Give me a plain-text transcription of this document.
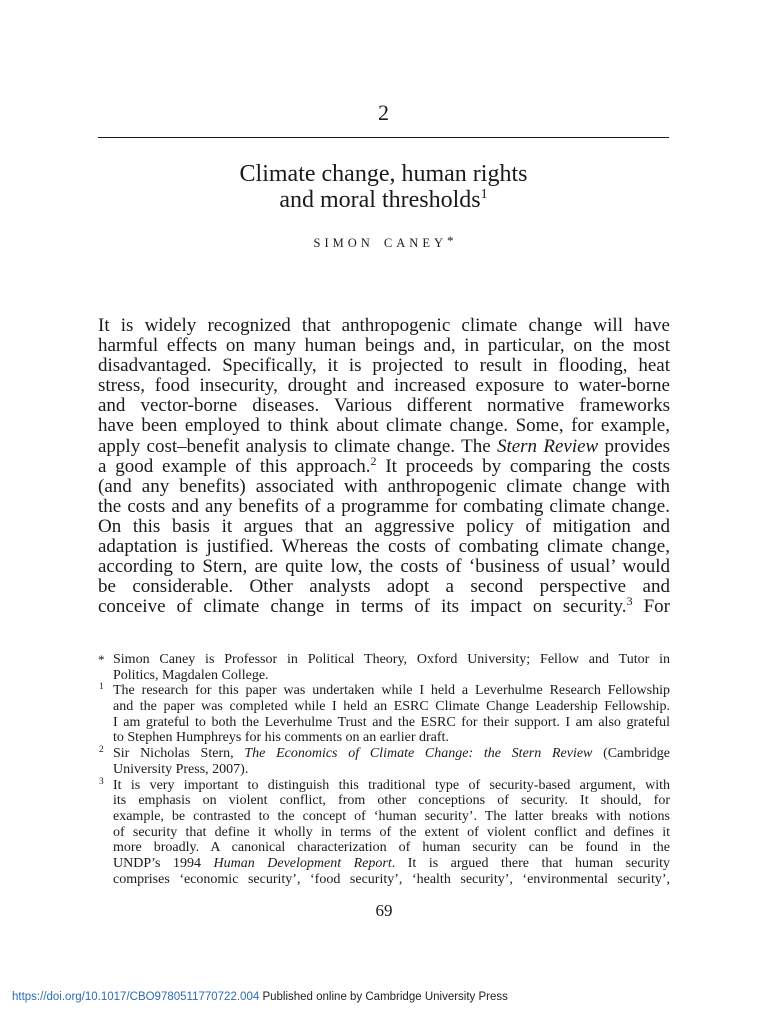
2
Climate change, human rights
and moral thresholds$^1$
SIMON CANEY*
It is widely recognized that anthropogenic climate change will have
harmful effects on many human beings and, in particular, on the most
disadvantaged. Specifically, it is projected to result in flooding, heat
stress, food insecurity, drought and increased exposure to water-borne
and vector-borne diseases. Various different normative frameworks
have been employed to think about climate change. Some, for example,
apply cost–benefit analysis to climate change. The Stern Review provides
a good example of this approach.$^2$ It proceeds by comparing the costs
(and any benefits) associated with anthropogenic climate change with
the costs and any benefits of a programme for combating climate change.
On this basis it argues that an aggressive policy of mitigation and
adaptation is justified. Whereas the costs of combating climate change,
according to Stern, are quite low, the costs of ‘business of usual’ would
be considerable. Other analysts adopt a second perspective and
conceive of climate change in terms of its impact on security.$^3$ For
* Simon Caney is Professor in Political Theory, Oxford University; Fellow and Tutor in
Politics, Magdalen College.
1 The research for this paper was undertaken while I held a Leverhulme Research Fellowship
and the paper was completed while I held an ESRC Climate Change Leadership Fellowship.
I am grateful to both the Leverhulme Trust and the ESRC for their support. I am also grateful
to Stephen Humphreys for his comments on an earlier draft.
2 Sir Nicholas Stern, The Economics of Climate Change: the Stern Review (Cambridge
University Press, 2007).
3 It is very important to distinguish this traditional type of security-based argument, with
its emphasis on violent conflict, from other conceptions of security. It should, for
example, be contrasted to the concept of ‘human security’. The latter breaks with notions
of security that define it wholly in terms of the extent of violent conflict and defines it
more broadly. A canonical characterization of human security can be found in the
UNDP’s 1994 Human Development Report. It is argued there that human security
comprises ‘economic security’, ‘food security’, ‘health security’, ‘environmental security’,
69
https://doi.org/10.1017/CBO9780511770722.004 Published online by Cambridge University Press
